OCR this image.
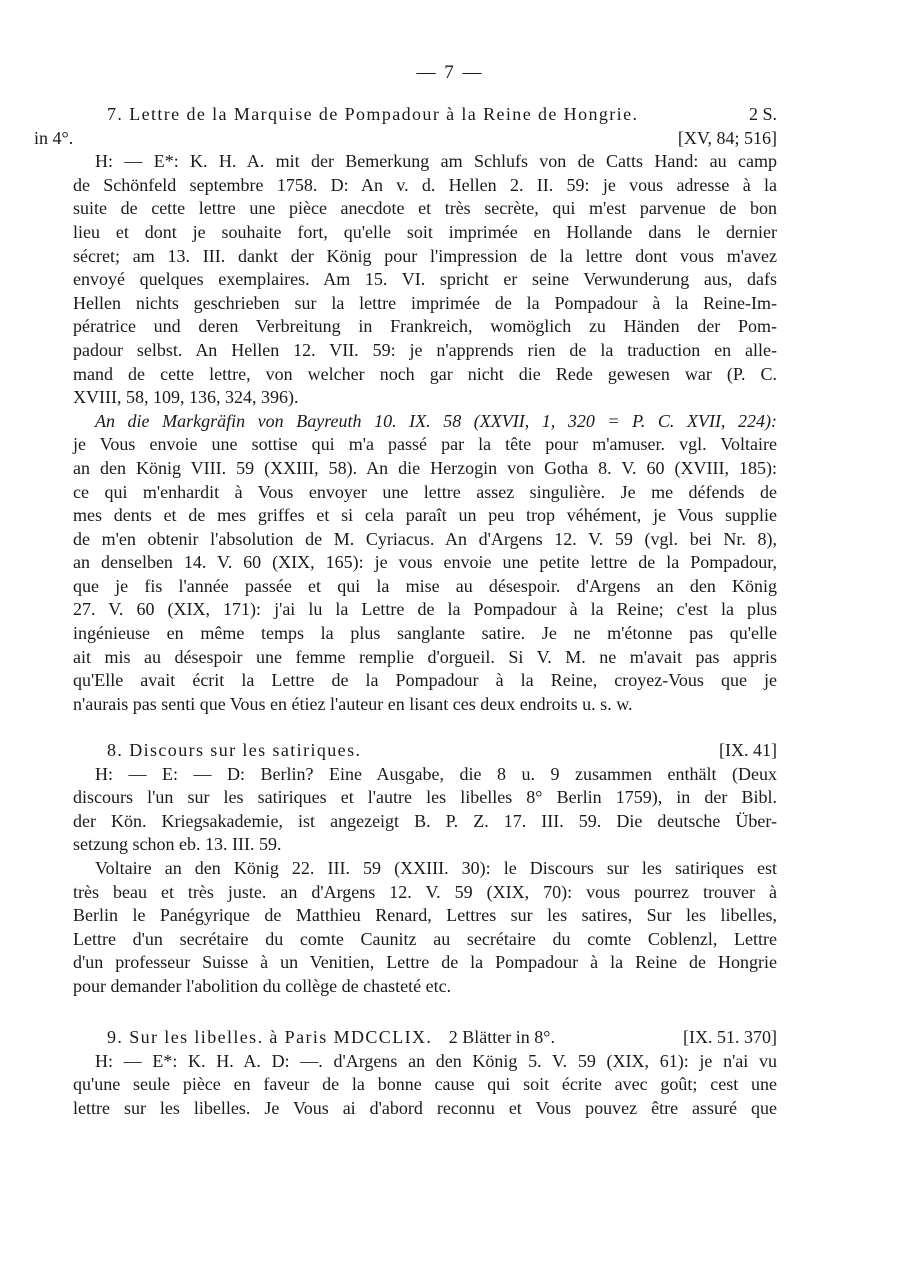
— 7 —
7. Lettre de la Marquise de Pompadour à la Reine de Hongrie.	2 S.
in 4°.	[XV, 84; 516]
H: — E*: K. H. A. mit der Bemerkung am Schlufs von de Catts Hand: au camp
de Schönfeld septembre 1758. D: An v. d. Hellen 2. II. 59: je vous adresse à la
suite de cette lettre une pièce anecdote et très secrète, qui m'est parvenue de bon
lieu et dont je souhaite fort, qu'elle soit imprimée en Hollande dans le dernier
sécret; am 13. III. dankt der König pour l'impression de la lettre dont vous m'avez
envoyé quelques exemplaires. Am 15. VI. spricht er seine Verwunderung aus, dafs
Hellen nichts geschrieben sur la lettre imprimée de la Pompadour à la Reine-Im-
pératrice und deren Verbreitung in Frankreich, womöglich zu Händen der Pom-
padour selbst. An Hellen 12. VII. 59: je n'apprends rien de la traduction en alle-
mand de cette lettre, von welcher noch gar nicht die Rede gewesen war (P. C.
XVIII, 58, 109, 136, 324, 396).
An die Markgräfin von Bayreuth 10. IX. 58 (XXVII, 1, 320 = P. C. XVII, 224):
je Vous envoie une sottise qui m'a passé par la tête pour m'amuser. vgl. Voltaire
an den König VIII. 59 (XXIII, 58). An die Herzogin von Gotha 8. V. 60 (XVIII, 185):
ce qui m'enhardit à Vous envoyer une lettre assez singulière. Je me défends de
mes dents et de mes griffes et si cela paraît un peu trop véhément, je Vous supplie
de m'en obtenir l'absolution de M. Cyriacus. An d'Argens 12. V. 59 (vgl. bei Nr. 8),
an denselben 14. V. 60 (XIX, 165): je vous envoie une petite lettre de la Pompadour,
que je fis l'année passée et qui la mise au désespoir. d'Argens an den König
27. V. 60 (XIX, 171): j'ai lu la Lettre de la Pompadour à la Reine; c'est la plus
ingénieuse en même temps la plus sanglante satire. Je ne m'étonne pas qu'elle
ait mis au désespoir une femme remplie d'orgueil. Si V. M. ne m'avait pas appris
qu'Elle avait écrit la Lettre de la Pompadour à la Reine, croyez-Vous que je
n'aurais pas senti que Vous en étiez l'auteur en lisant ces deux endroits u. s. w.
8. Discours sur les satiriques.	[IX. 41]
H: — E: — D: Berlin? Eine Ausgabe, die 8 u. 9 zusammen enthält (Deux
discours l'un sur les satiriques et l'autre les libelles 8° Berlin 1759), in der Bibl.
der Kön. Kriegsakademie, ist angezeigt B. P. Z. 17. III. 59. Die deutsche Über-
setzung schon eb. 13. III. 59.
Voltaire an den König 22. III. 59 (XXIII. 30): le Discours sur les satiriques est
très beau et très juste. an d'Argens 12. V. 59 (XIX, 70): vous pourrez trouver à
Berlin le Panégyrique de Matthieu Renard, Lettres sur les satires, Sur les libelles,
Lettre d'un secrétaire du comte Caunitz au secrétaire du comte Coblenzl, Lettre
d'un professeur Suisse à un Venitien, Lettre de la Pompadour à la Reine de Hongrie
pour demander l'abolition du collège de chasteté etc.
9. Sur les libelles. à Paris MDCCLIX. 2 Blätter in 8°.	[IX. 51. 370]
H: — E*: K. H. A. D: —. d'Argens an den König 5. V. 59 (XIX, 61): je n'ai vu
qu'une seule pièce en faveur de la bonne cause qui soit écrite avec goût; cest une
lettre sur les libelles. Je Vous ai d'abord reconnu et Vous pouvez être assuré que
